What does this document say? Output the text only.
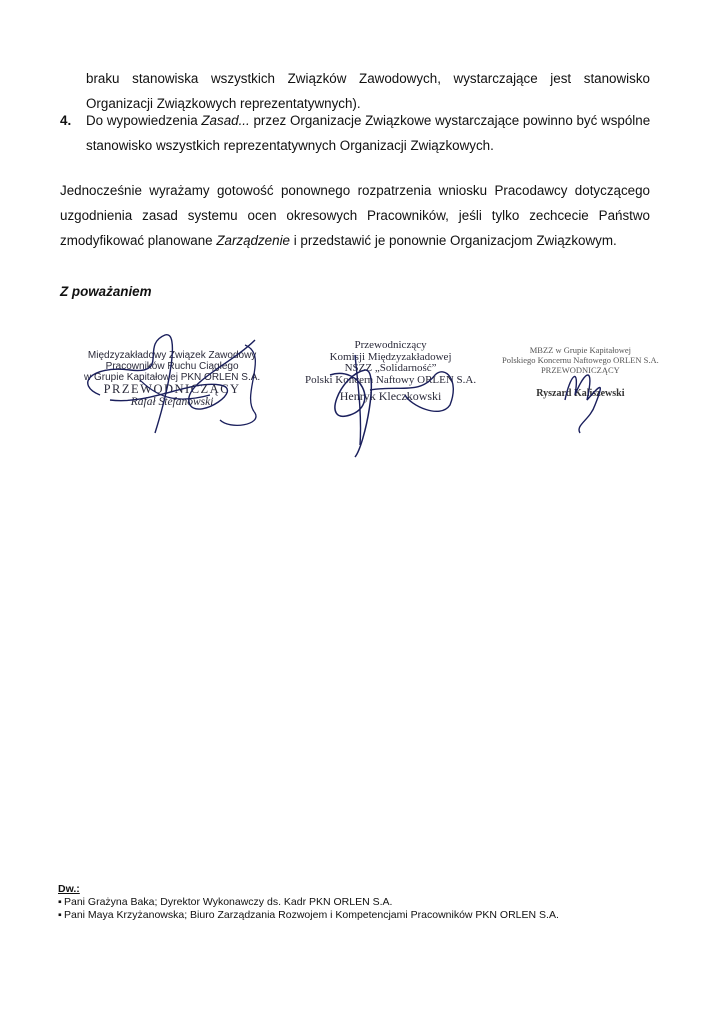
braku stanowiska wszystkich Związków Zawodowych, wystarczające jest stanowisko
Organizacji Związkowych reprezentatywnych).
4. Do wypowiedzenia Zasad... przez Organizacje Związkowe wystarczające powinno być wspólne
stanowisko wszystkich reprezentatywnych Organizacji Związkowych.
Jednocześnie wyrażamy gotowość ponownego rozpatrzenia wniosku Pracodawcy dotyczącego
uzgodnienia zasad systemu ocen okresowych Pracowników, jeśli tylko zechcecie Państwo
zmodyfikować planowane Zarządzenie i przedstawić je ponownie Organizacjom Związkowym.
Z poważaniem
Międzyzakładowy Związek Zawodowy
Pracowników Ruchu Ciągłego
w Grupie Kapitałowej PKN ORLEN S.A.
PRZEWODNICZĄCY
Rafał Stefanowski
Przewodniczący
Komisji Międzyzakładowej
NSZZ „Solidarność”
Polski Koncern Naftowy ORLEN S.A.
Henryk Kleczkowski
MBZZ w Grupie Kapitałowej
Polskiego Koncernu Naftowego ORLEN S.A.
PRZEWODNICZĄCY
Ryszard Kaliszewski
Dw.:
▪ Pani Grażyna Baka; Dyrektor Wykonawczy ds. Kadr PKN ORLEN S.A.
▪ Pani Maya Krzyżanowska; Biuro Zarządzania Rozwojem i Kompetencjami Pracowników PKN ORLEN S.A.
